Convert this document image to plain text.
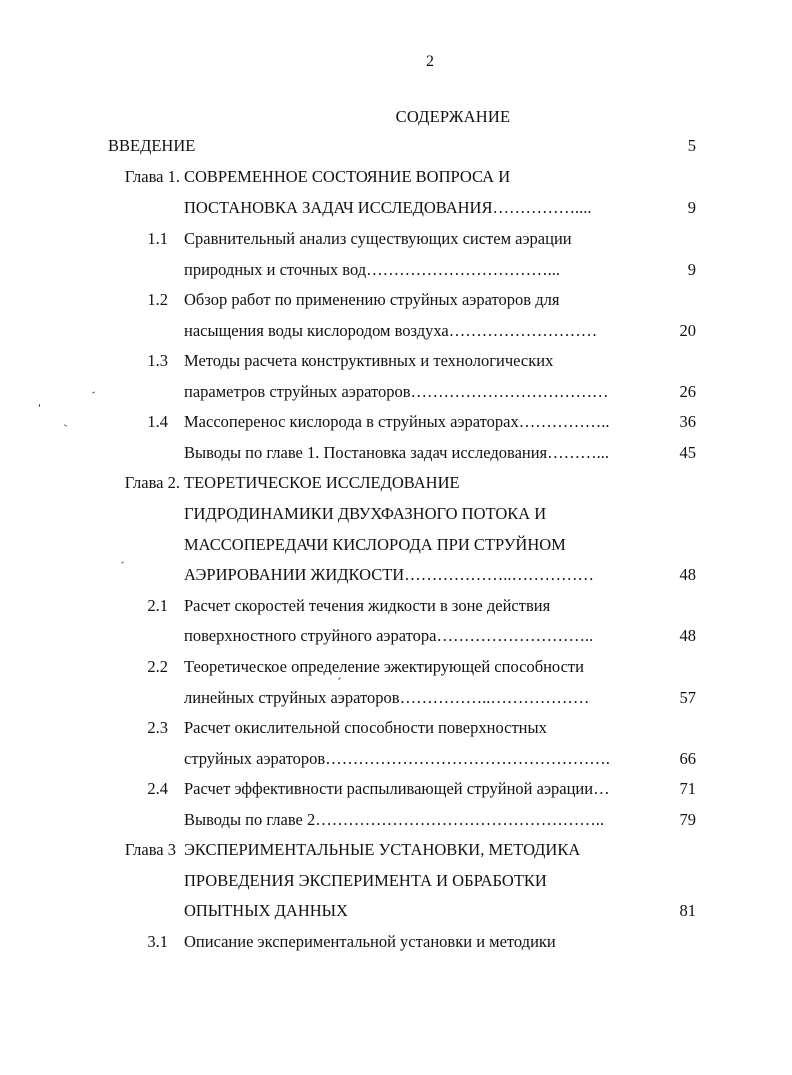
2
СОДЕРЖАНИЕ
ВВЕДЕНИЕ	5
Глава 1. СОВРЕМЕННОЕ СОСТОЯНИЕ ВОПРОСА И
ПОСТАНОВКА ЗАДАЧ ИССЛЕДОВАНИЯ……………....	9
1.1 Сравнительный анализ существующих систем аэрации
природных и сточных вод……………………………...	9
1.2 Обзор работ по применению струйных аэраторов для
насыщения воды кислородом воздуха………………………	20
1.3 Методы расчета конструктивных и технологических
параметров струйных аэраторов………………………………	26
1.4 Массоперенос кислорода в струйных аэраторах……………..	36
Выводы по главе 1. Постановка задач исследования………...	45
Глава 2. ТЕОРЕТИЧЕСКОЕ ИССЛЕДОВАНИЕ
ГИДРОДИНАМИКИ ДВУХФАЗНОГО ПОТОКА И
МАССОПЕРЕДАЧИ КИСЛОРОДА ПРИ СТРУЙНОМ
АЭРИРОВАНИИ ЖИДКОСТИ………………..……………	48
2.1 Расчет скоростей течения жидкости в зоне действия
поверхностного струйного аэратора………………………..	48
2.2 Теоретическое определение эжектирующей способности
линейных струйных аэраторов……………..………………	57
2.3 Расчет окислительной способности поверхностных
струйных аэраторов…………………………………………….	66
2.4 Расчет эффективности распыливающей струйной аэрации…	71
Выводы по главе 2……………………………………………..	79
Глава 3 ЭКСПЕРИМЕНТАЛЬНЫЕ УСТАНОВКИ, МЕТОДИКА
ПРОВЕДЕНИЯ ЭКСПЕРИМЕНТА И ОБРАБОТКИ
ОПЫТНЫХ ДАННЫХ	81
3.1 Описание экспериментальной установки и методики
